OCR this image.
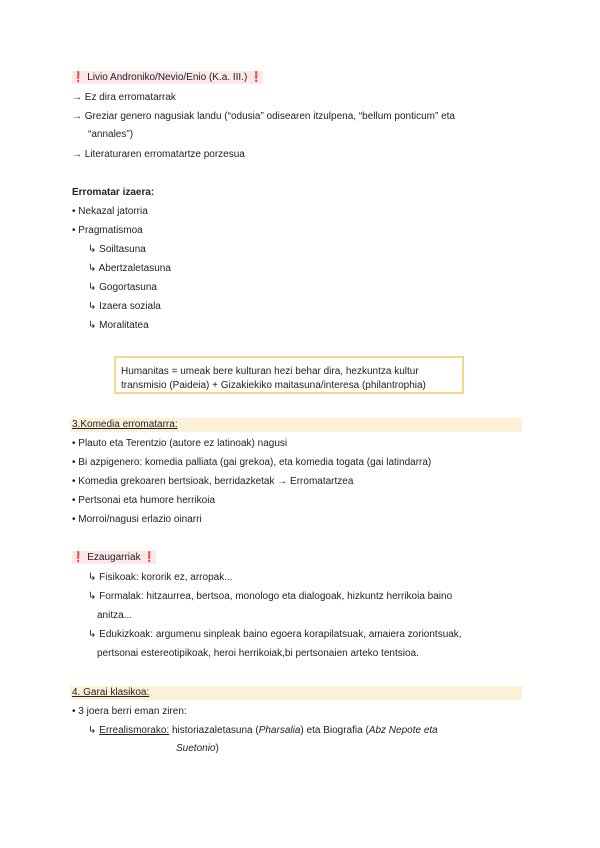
❗ Livio Androniko/Nevio/Enio (K.a. III.) ❗
→ Ez dira erromatarrak
→ Greziar genero nagusiak landu (“odusia” odisearen itzulpena, “bellum ponticum” eta
“annales”)
→ Literaturaren erromatartze porzesua
Erromatar izaera:
• Nekazal jatorria
• Pragmatismoa
↳ Soiltasuna
↳ Abertzaletasuna
↳ Gogortasuna
↳ Izaera soziala
↳ Moralitatea
Humanitas = umeak bere kulturan hezi behar dira, hezkuntza kultur
transmisio (Paideia) + Gizakiekiko maitasuna/interesa (philantrophia)
3.Komedia erromatarra:
• Plauto eta Terentzio (autore ez latinoak) nagusi
• Bi azpigenero: komedia palliata (gai grekoa), eta komedia togata (gai latindarra)
• Komedia grekoaren bertsioak, berridazketak → Erromatartzea
• Pertsonai eta humore herrikoia
• Morroi/nagusi erlazio oinarri
❗ Ezaugarriak ❗
↳ Fisikoak: kororik ez, arropak...
↳ Formalak: hitzaurrea, bertsoa, monologo eta dialogoak, hizkuntz herrikoia baino
anitza...
↳ Edukizkoak: argumenu sinpleak baino egoera korapilatsuak, amaiera zoriontsuak,
pertsonai estereotipikoak, heroi herrikoiak,bi pertsonaien arteko tentsioa.
4. Garai klasikoa:
• 3 joera berri eman ziren:
↳ Errealismorako: historiazaletasuna (Pharsalia) eta Biografia (Abz Nepote eta
Suetonio)
